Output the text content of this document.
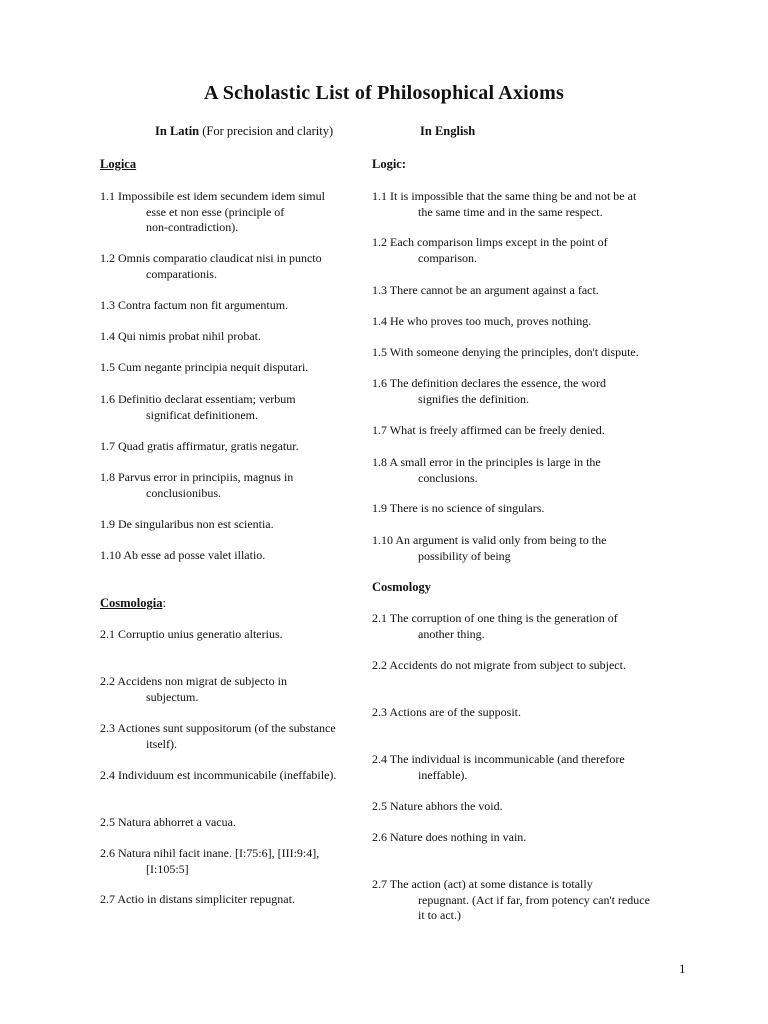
A Scholastic List of Philosophical Axioms
In Latin (For precision and clarity)	In English
Logica
1.1 Impossibile est idem secundem idem simul
esse et non esse (principle of
non-contradiction).
1.2 Omnis comparatio claudicat nisi in puncto
comparationis.
1.3 Contra factum non fit argumentum.
1.4 Qui nimis probat nihil probat.
1.5 Cum negante principia nequit disputari.
1.6 Definitio declarat essentiam; verbum
significat definitionem.
1.7 Quad gratis affirmatur, gratis negatur.
1.8 Parvus error in principiis, magnus in
conclusionibus.
1.9 De singularibus non est scientia.
1.10 Ab esse ad posse valet illatio.
Cosmologia:
2.1 Corruptio unius generatio alterius.
2.2 Accidens non migrat de subjecto in
subjectum.
2.3 Actiones sunt suppositorum (of the substance
itself).
2.4 Individuum est incommunicabile (ineffabile).
2.5 Natura abhorret a vacua.
2.6 Natura nihil facit inane. [I:75:6], [III:9:4],
[I:105:5]
2.7 Actio in distans simpliciter repugnat.
Logic:
1.1 It is impossible that the same thing be and not be at
the same time and in the same respect.
1.2 Each comparison limps except in the point of
comparison.
1.3 There cannot be an argument against a fact.
1.4 He who proves too much, proves nothing.
1.5 With someone denying the principles, don't dispute.
1.6 The definition declares the essence, the word
signifies the definition.
1.7 What is freely affirmed can be freely denied.
1.8 A small error in the principles is large in the
conclusions.
1.9 There is no science of singulars.
1.10 An argument is valid only from being to the
possibility of being
Cosmology
2.1 The corruption of one thing is the generation of
another thing.
2.2 Accidents do not migrate from subject to subject.
2.3 Actions are of the supposit.
2.4 The individual is incommunicable (and therefore
ineffable).
2.5 Nature abhors the void.
2.6 Nature does nothing in vain.
2.7 The action (act) at some distance is totally
repugnant. (Act if far, from potency can't reduce
it to act.)
1
